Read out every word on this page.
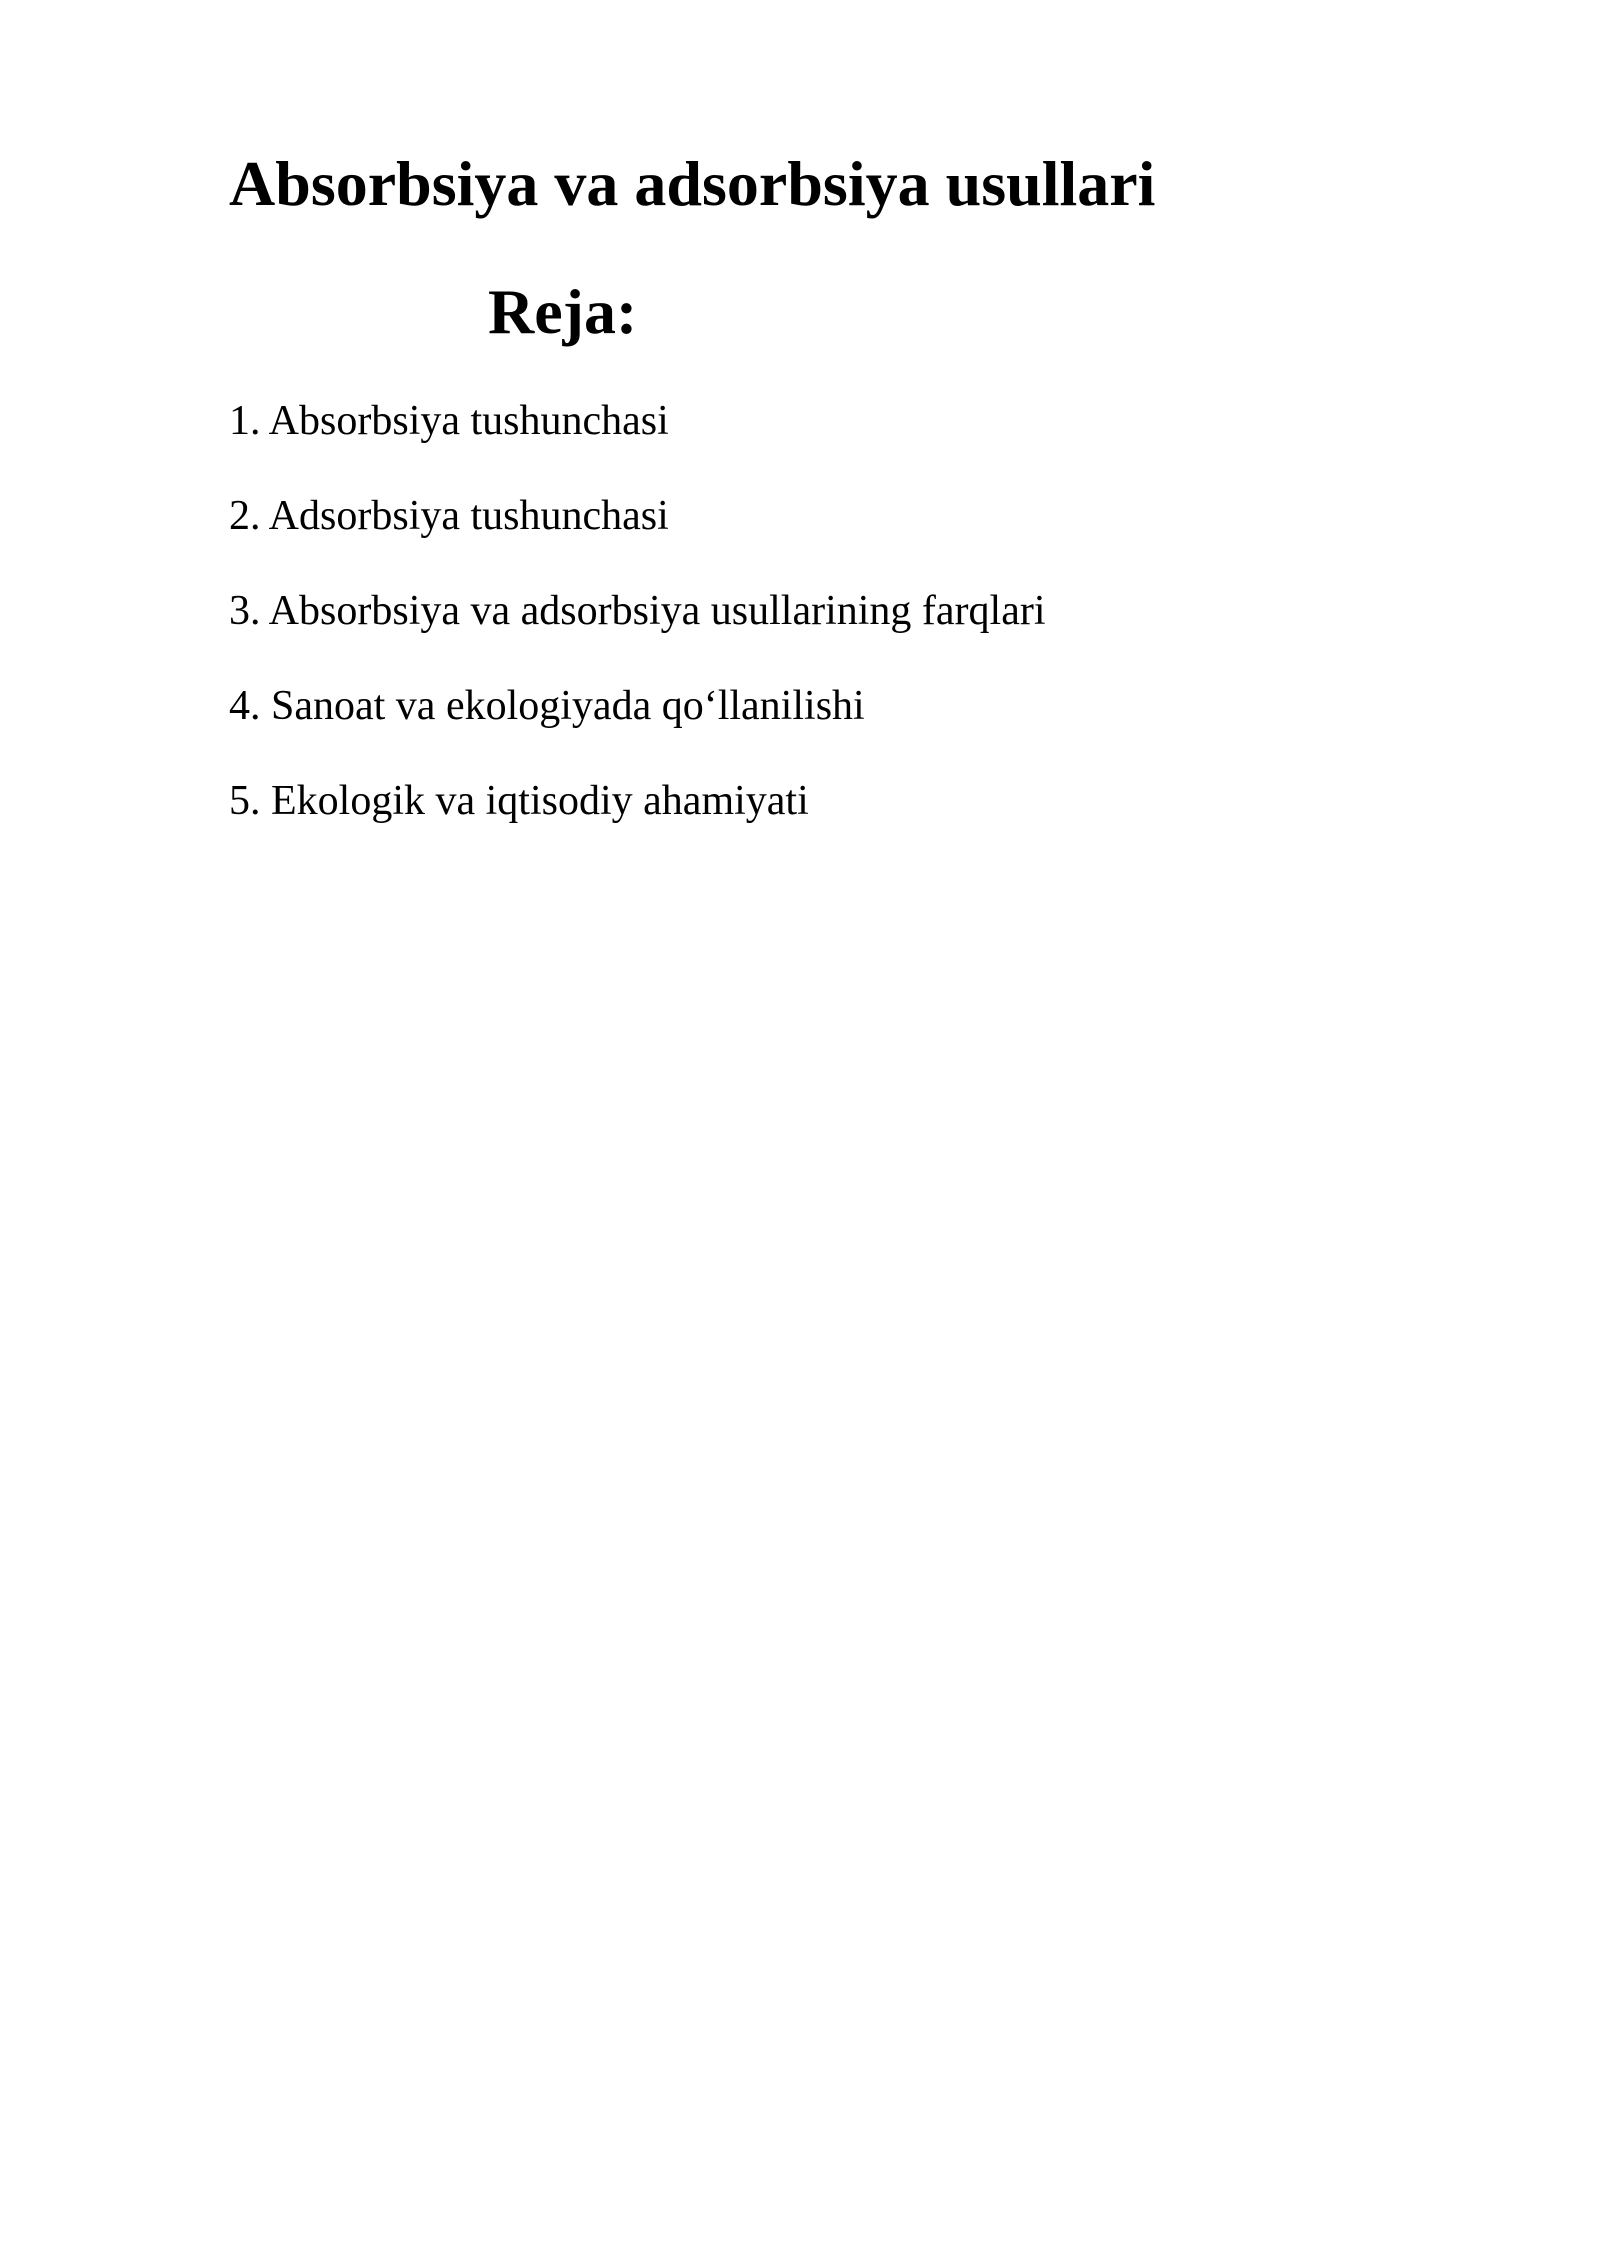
Absorbsiya va adsorbsiya usullari
Reja:
1. Absorbsiya tushunchasi
2. Adsorbsiya tushunchasi
3. Absorbsiya va adsorbsiya usullarining farqlari
4. Sanoat va ekologiyada qo‘llanilishi
5. Ekologik va iqtisodiy ahamiyati
